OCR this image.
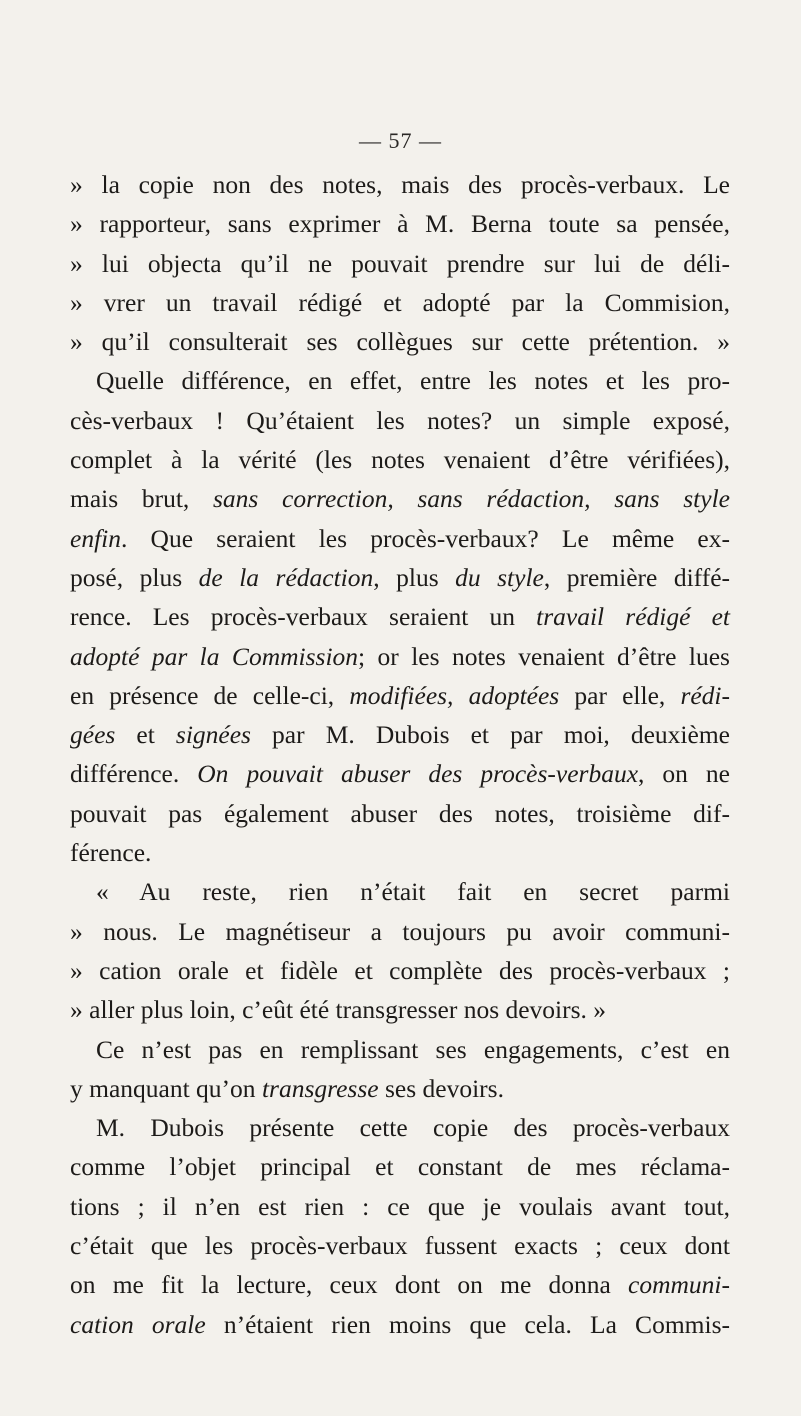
— 57 —
» la copie non des notes, mais des procès-verbaux. Le
» rapporteur, sans exprimer à M. Berna toute sa pensée,
» lui objecta qu’il ne pouvait prendre sur lui de déli-
» vrer un travail rédigé et adopté par la Commision,
» qu’il consulterait ses collègues sur cette prétention. »
Quelle différence, en effet, entre les notes et les pro-
cès-verbaux ! Qu’étaient les notes? un simple exposé,
complet à la vérité (les notes venaient d’être vérifiées),
mais brut, sans correction, sans rédaction, sans style
enfin. Que seraient les procès-verbaux? Le même ex-
posé, plus de la rédaction, plus du style, première diffé-
rence. Les procès-verbaux seraient un travail rédigé et
adopté par la Commission; or les notes venaient d’être lues
en présence de celle-ci, modifiées, adoptées par elle, rédi-
gées et signées par M. Dubois et par moi, deuxième
différence. On pouvait abuser des procès-verbaux, on ne
pouvait pas également abuser des notes, troisième dif-
férence.
« Au reste, rien n’était fait en secret parmi
» nous. Le magnétiseur a toujours pu avoir communi-
» cation orale et fidèle et complète des procès-verbaux ;
» aller plus loin, c’eût été transgresser nos devoirs. »
Ce n’est pas en remplissant ses engagements, c’est en
y manquant qu’on transgresse ses devoirs.
M. Dubois présente cette copie des procès-verbaux
comme l’objet principal et constant de mes réclama-
tions ; il n’en est rien : ce que je voulais avant tout,
c’était que les procès-verbaux fussent exacts ; ceux dont
on me fit la lecture, ceux dont on me donna communi-
cation orale n’étaient rien moins que cela. La Commis-
